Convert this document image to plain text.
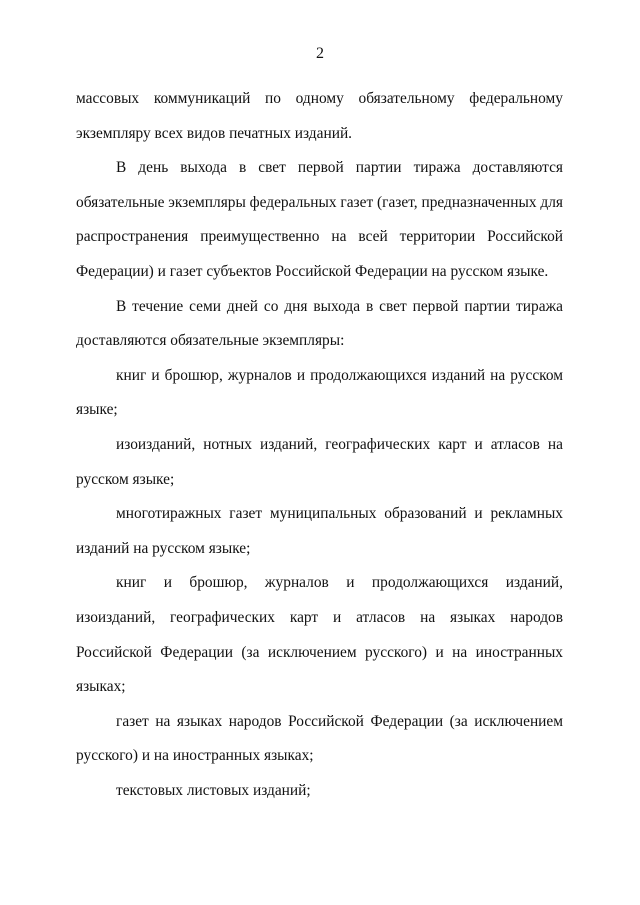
2

массовых коммуникаций по одному обязательному федеральному экземпляру всех видов печатных изданий.

В день выхода в свет первой партии тиража доставляются обязательные экземпляры федеральных газет (газет, предназначенных для распространения преимущественно на всей территории Российской Федерации) и газет субъектов Российской Федерации на русском языке.

В течение семи дней со дня выхода в свет первой партии тиража доставляются обязательные экземпляры:

книг и брошюр, журналов и продолжающихся изданий на русском языке;

изоизданий, нотных изданий, географических карт и атласов на русском языке;

многотиражных газет муниципальных образований и рекламных изданий на русском языке;

книг и брошюр, журналов и продолжающихся изданий, изоизданий, географических карт и атласов на языках народов Российской Федерации (за исключением русского) и на иностранных языках;

газет на языках народов Российской Федерации (за исключением русского) и на иностранных языках;

текстовых листовых изданий;
